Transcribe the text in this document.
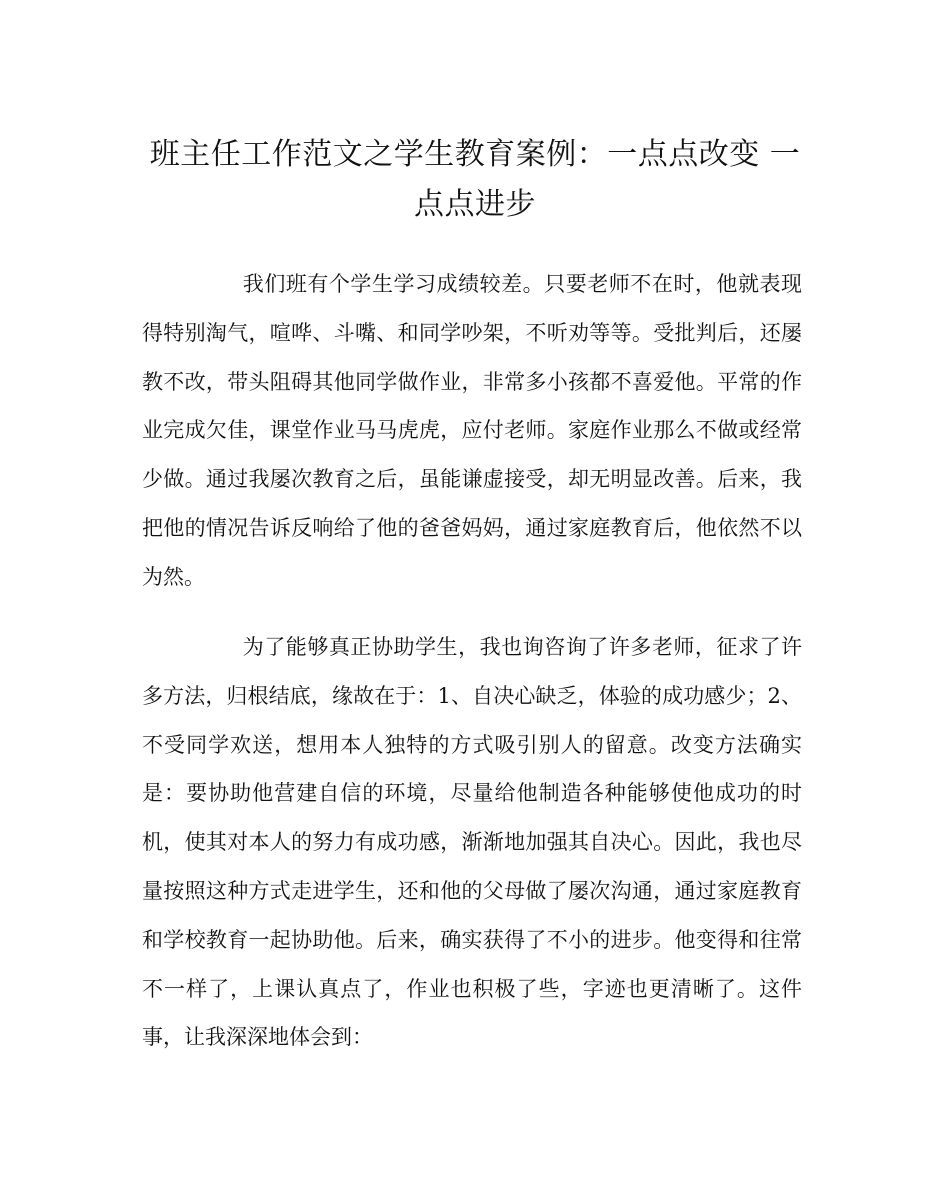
班主任工作范文之学生教育案例：一点点改变 一点点进步

我们班有个学生学习成绩较差。只要老师不在时，他就表现得特别淘气，喧哗、斗嘴、和同学吵架，不听劝等等。受批判后，还屡教不改，带头阻碍其他同学做作业，非常多小孩都不喜爱他。平常的作业完成欠佳，课堂作业马马虎虎，应付老师。家庭作业那么不做或经常少做。通过我屡次教育之后，虽能谦虚接受，却无明显改善。后来，我把他的情况告诉反响给了他的爸爸妈妈，通过家庭教育后，他依然不以为然。

为了能够真正协助学生，我也询咨询了许多老师，征求了许多方法，归根结底，缘故在于：1、自决心缺乏，体验的成功感少；2、不受同学欢送，想用本人独特的方式吸引别人的留意。改变方法确实是：要协助他营建自信的环境，尽量给他制造各种能够使他成功的时机，使其对本人的努力有成功感，渐渐地加强其自决心。因此，我也尽量按照这种方式走进学生，还和他的父母做了屡次沟通，通过家庭教育和学校教育一起协助他。后来，确实获得了不小的进步。他变得和往常不一样了，上课认真点了，作业也积极了些，字迹也更清晰了。这件事，让我深深地体会到：
